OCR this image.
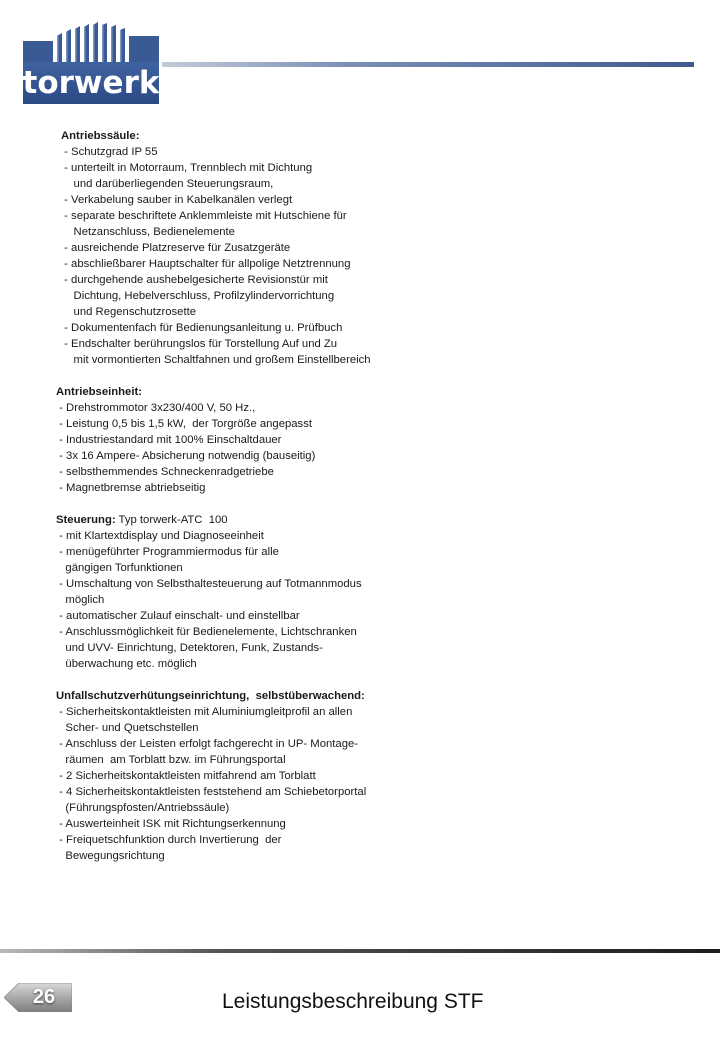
torwerk
Antriebssäule:
- Schutzgrad IP 55
- unterteilt in Motorraum, Trennblech mit Dichtung
und darüberliegenden Steuerungsraum,
- Verkabelung sauber in Kabelkanälen verlegt
- separate beschriftete Anklemmleiste mit Hutschiene für
Netzanschluss, Bedienelemente
- ausreichende Platzreserve für Zusatzgeräte
- abschließbarer Hauptschalter für allpolige Netztrennung
- durchgehende aushebelgesicherte Revisionstür mit
Dichtung, Hebelverschluss, Profilzylindervorrichtung
und Regenschutzrosette
- Dokumentenfach für Bedienungsanleitung u. Prüfbuch
- Endschalter berührungslos für Torstellung Auf und Zu
mit vormontierten Schaltfahnen und großem Einstellbereich
Antriebseinheit:
- Drehstrommotor 3x230/400 V, 50 Hz.,
- Leistung 0,5 bis 1,5 kW,  der Torgröße angepasst
- Industriestandard mit 100% Einschaltdauer
- 3x 16 Ampere- Absicherung notwendig (bauseitig)
- selbsthemmendes Schneckenradgetriebe
- Magnetbremse abtriebseitig
Steuerung: Typ torwerk-ATC  100
- mit Klartextdisplay und Diagnoseeinheit
- menügeführter Programmiermodus für alle
gängigen Torfunktionen
- Umschaltung von Selbsthaltesteuerung auf Totmannmodus
möglich
- automatischer Zulauf einschalt- und einstellbar
- Anschlussmöglichkeit für Bedienelemente, Lichtschranken
und UVV- Einrichtung, Detektoren, Funk, Zustands-
überwachung etc. möglich
Unfallschutzverhütungseinrichtung,  selbstüberwachend:
- Sicherheitskontaktleisten mit Aluminiumgleitprofil an allen
Scher- und Quetschstellen
- Anschluss der Leisten erfolgt fachgerecht in UP- Montage-
räumen  am Torblatt bzw. im Führungsportal
- 2 Sicherheitskontaktleisten mitfahrend am Torblatt
- 4 Sicherheitskontaktleisten feststehend am Schiebetorportal
(Führungspfosten/Antriebssäule)
- Auswerteinheit ISK mit Richtungserkennung
- Freiquetschfunktion durch Invertierung  der
Bewegungsrichtung
26	Leistungsbeschreibung STF
